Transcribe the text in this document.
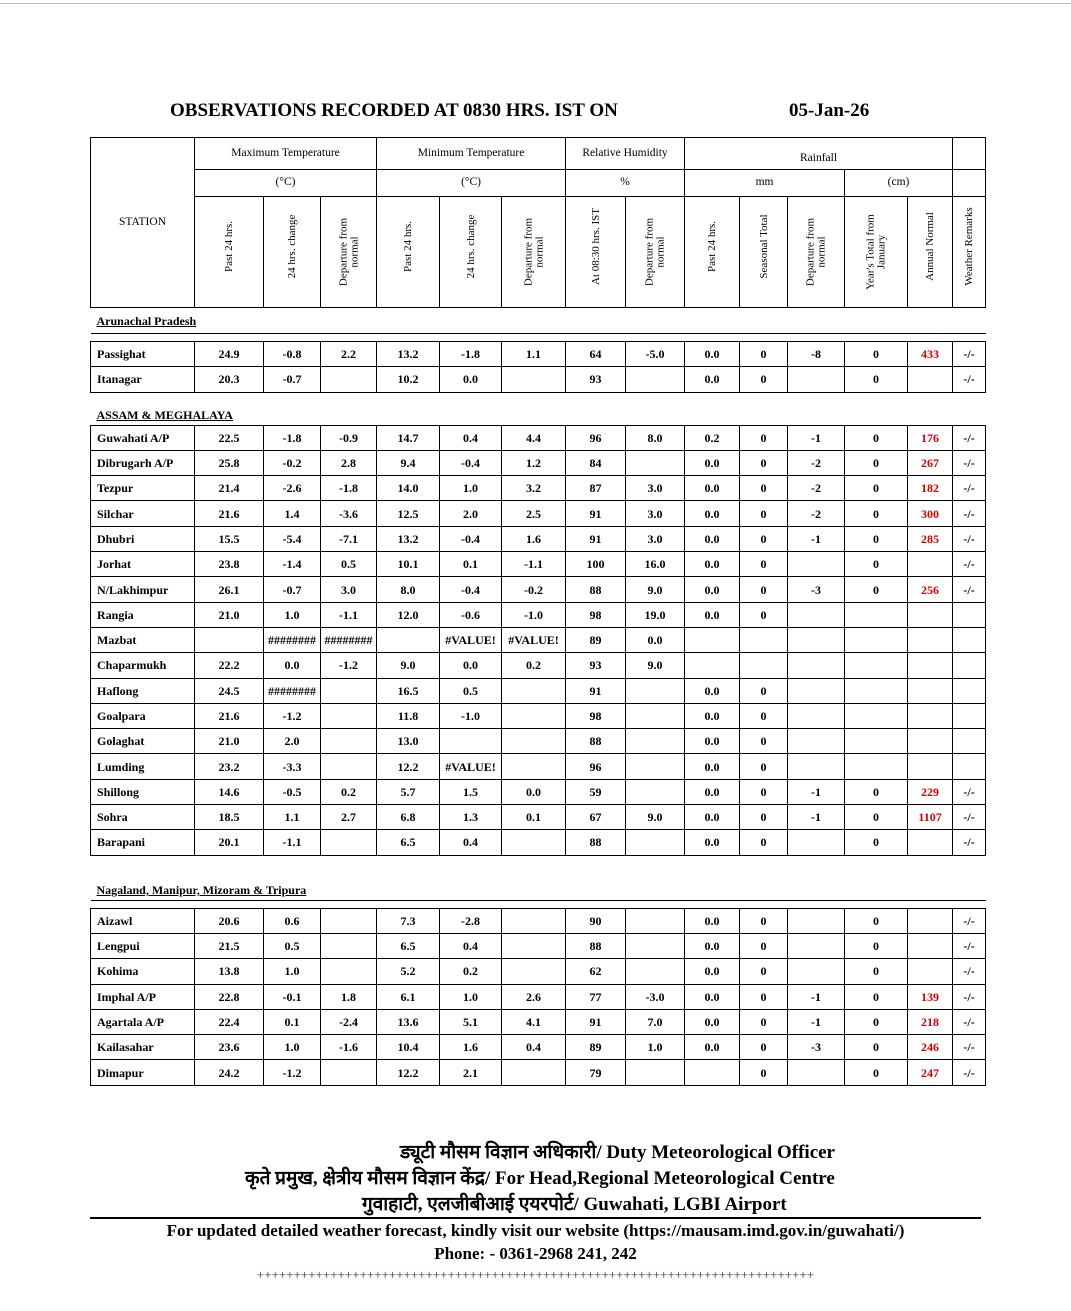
OBSERVATIONS RECORDED AT 0830 HRS. IST ON	05-Jan-26
STATION	Maximum Temperature			Minimum Temperature			Relative Humidity		Rainfall					
	(°C)			(°C)			%		mm			(cm)		

	Past 24 hrs.	24 hrs. change	Departure from normal	Past 24 hrs.	24 hrs. change	Departure from normal	At 08:30 hrs. IST	Departure from normal	Past 24 hrs.	Seasonal Total	Departure from normal	Year's Total from January	Annual Normal	Weather Remarks

Arunachal Pradesh														

Passighat	24.9	-0.8	2.2	13.2	-1.8	1.1	64	-5.0	0.0	0	-8	0	433	-/-
Itanagar	20.3	-0.7		10.2	0.0		93		0.0	0		0		-/-
ASSAM & MEGHALAYA														
Guwahati A/P	22.5	-1.8	-0.9	14.7	0.4	4.4	96	8.0	0.2	0	-1	0	176	-/-
Dibrugarh A/P	25.8	-0.2	2.8	9.4	-0.4	1.2	84		0.0	0	-2	0	267	-/-
Tezpur	21.4	-2.6	-1.8	14.0	1.0	3.2	87	3.0	0.0	0	-2	0	182	-/-
Silchar	21.6	1.4	-3.6	12.5	2.0	2.5	91	3.0	0.0	0	-2	0	300	-/-
Dhubri	15.5	-5.4	-7.1	13.2	-0.4	1.6	91	3.0	0.0	0	-1	0	285	-/-
Jorhat	23.8	-1.4	0.5	10.1	0.1	-1.1	100	16.0	0.0	0		0		-/-
N/Lakhimpur	26.1	-0.7	3.0	8.0	-0.4	-0.2	88	9.0	0.0	0	-3	0	256	-/-
Rangia	21.0	1.0	-1.1	12.0	-0.6	-1.0	98	19.0	0.0	0				
Mazbat		########	########		#VALUE!	#VALUE!	89	0.0						
Chaparmukh	22.2	0.0	-1.2	9.0	0.0	0.2	93	9.0						
Haflong	24.5	########		16.5	0.5		91		0.0	0				
Goalpara	21.6	-1.2		11.8	-1.0		98		0.0	0				
Golaghat	21.0	2.0		13.0			88		0.0	0				
Lumding	23.2	-3.3		12.2	#VALUE!		96		0.0	0				
Shillong	14.6	-0.5	0.2	5.7	1.5	0.0	59		0.0	0	-1	0	229	-/-
Sohra	18.5	1.1	2.7	6.8	1.3	0.1	67	9.0	0.0	0	-1	0	1107	-/-
Barapani	20.1	-1.1		6.5	0.4		88		0.0	0		0		-/-

Nagaland, Manipur, Mizoram & Tripura														

Aizawl	20.6	0.6		7.3	-2.8		90		0.0	0		0		-/-
Lengpui	21.5	0.5		6.5	0.4		88		0.0	0		0		-/-
Kohima	13.8	1.0		5.2	0.2		62		0.0	0		0		-/-
Imphal A/P	22.8	-0.1	1.8	6.1	1.0	2.6	77	-3.0	0.0	0	-1	0	139	-/-
Agartala A/P	22.4	0.1	-2.4	13.6	5.1	4.1	91	7.0	0.0	0	-1	0	218	-/-
Kailasahar	23.6	1.0	-1.6	10.4	1.6	0.4	89	1.0	0.0	0	-3	0	246	-/-
Dimapur	24.2	-1.2		12.2	2.1		79			0		0	247	-/-
ड्यूटी मौसम विज्ञान अधिकारी/ Duty Meteorological Officer
कृते प्रमुख, क्षेत्रीय मौसम विज्ञान केंद्र/ For Head,Regional Meteorological Centre
गुवाहाटी, एलजीबीआई एयरपोर्ट/ Guwahati, LGBI Airport
For updated detailed weather forecast, kindly visit our website (https://mausam.imd.gov.in/guwahati/)
Phone: - 0361-2968 241, 242
++++++++++++++++++++++++++++++++++++++++++++++++++++++++++++++++++++++++++++
